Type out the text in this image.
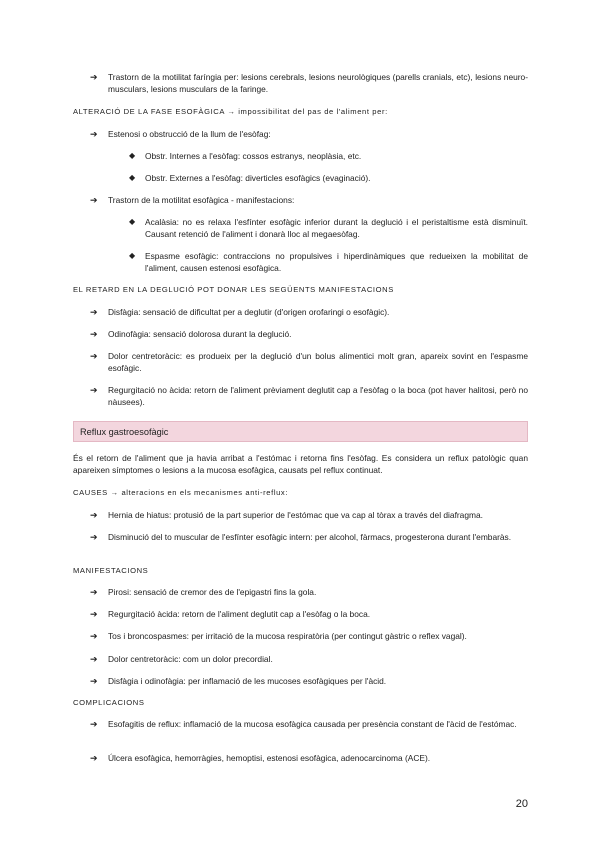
➔ Trastorn de la motilitat faríngia per: lesions cerebrals, lesions neurològiques (parells cranials, etc), lesions neuro-musculars, lesions musculars de la faringe.
ALTERACIÓ DE LA FASE ESOFÀGICA → impossibilitat del pas de l'aliment per:
➔ Estenosi o obstrucció de la llum de l'esòfag:
◆ Obstr. Internes a l'esòfag: cossos estranys, neoplàsia, etc.
◆ Obstr. Externes a l'esòfag: diverticles esofàgics (evaginació).
➔ Trastorn de la motilitat esofàgica - manifestacions:
◆ Acalàsia: no es relaxa l'esfínter esofàgic inferior durant la deglució i el peristaltisme està disminuït. Causant retenció de l'aliment i donarà lloc al megaesòfag.
◆ Espasme esofàgic: contraccions no propulsives i hiperdinàmiques que redueixen la mobilitat de l'aliment, causen estenosi esofàgica.
EL RETARD EN LA DEGLUCIÓ POT DONAR LES SEGÜENTS MANIFESTACIONS
➔ Disfàgia: sensació de dificultat per a deglutir (d'origen orofaringi o esofàgic).
➔ Odinofàgia: sensació dolorosa durant la deglució.
➔ Dolor centretoràcic: es produeix per la deglució d'un bolus alimentici molt gran, apareix sovint en l'espasme esofàgic.
➔ Regurgitació no àcida: retorn de l'aliment prèviament deglutit cap a l'esòfag o la boca (pot haver halitosi, però no nàusees).
Reflux gastroesofàgic
És el retorn de l'aliment que ja havia arribat a l'estómac i retorna fins l'esòfag. Es considera un reflux patològic quan apareixen símptomes o lesions a la mucosa esofàgica, causats pel reflux continuat.
CAUSES → alteracions en els mecanismes anti-reflux:
➔ Hernia de hiatus: protusió de la part superior de l'estómac que va cap al tòrax a través del diafragma.
➔ Disminució del to muscular de l'esfínter esofàgic intern: per alcohol, fàrmacs, progesterona durant l'embaràs.
MANIFESTACIONS
➔ Pirosi: sensació de cremor des de l'epigastri fins la gola.
➔ Regurgitació àcida: retorn de l'aliment deglutit cap a l'esòfag o la boca.
➔ Tos i broncospasmes: per irritació de la mucosa respiratòria (per contingut gàstric o reflex vagal).
➔ Dolor centretoràcic: com un dolor precordial.
➔ Disfàgia i odinofàgia: per inflamació de les mucoses esofàgiques per l'àcid.
COMPLICACIONS
➔ Esofagitis de reflux: inflamació de la mucosa esofàgica causada per presència constant de l'àcid de l'estómac.
➔ Úlcera esofàgica, hemorràgies, hemoptisi, estenosi esofàgica, adenocarcinoma (ACE).
20
